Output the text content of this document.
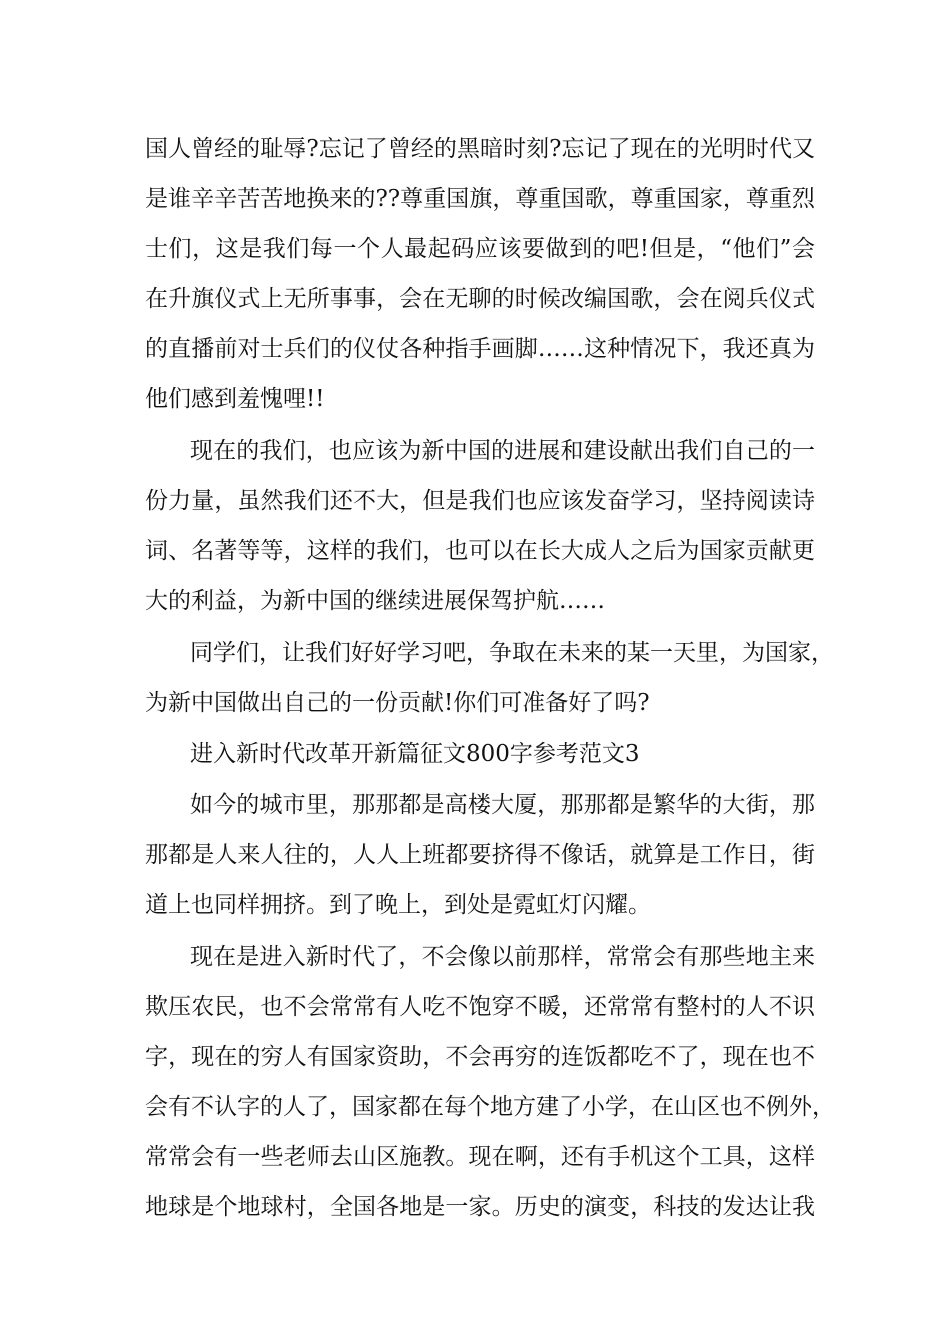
国人曾经的耻辱?忘记了曾经的黑暗时刻?忘记了现在的光明时代又
是谁辛辛苦苦地换来的??尊重国旗，尊重国歌，尊重国家，尊重烈
士们，这是我们每一个人最起码应该要做到的吧!但是，“他们”会
在升旗仪式上无所事事，会在无聊的时候改编国歌，会在阅兵仪式
的直播前对士兵们的仪仗各种指手画脚……这种情况下，我还真为
他们感到羞愧哩!!
现在的我们，也应该为新中国的进展和建设献出我们自己的一
份力量，虽然我们还不大，但是我们也应该发奋学习，坚持阅读诗
词、名著等等，这样的我们，也可以在长大成人之后为国家贡献更
大的利益，为新中国的继续进展保驾护航……
同学们，让我们好好学习吧，争取在未来的某一天里，为国家，
为新中国做出自己的一份贡献!你们可准备好了吗?
进入新时代改革开新篇征文800字参考范文3
如今的城市里，那那都是高楼大厦，那那都是繁华的大街，那
那都是人来人往的，人人上班都要挤得不像话，就算是工作日，街
道上也同样拥挤。到了晚上，到处是霓虹灯闪耀。
现在是进入新时代了，不会像以前那样，常常会有那些地主来
欺压农民，也不会常常有人吃不饱穿不暖，还常常有整村的人不识
字，现在的穷人有国家资助，不会再穷的连饭都吃不了，现在也不
会有不认字的人了，国家都在每个地方建了小学，在山区也不例外，
常常会有一些老师去山区施教。现在啊，还有手机这个工具，这样
地球是个地球村，全国各地是一家。历史的演变，科技的发达让我
